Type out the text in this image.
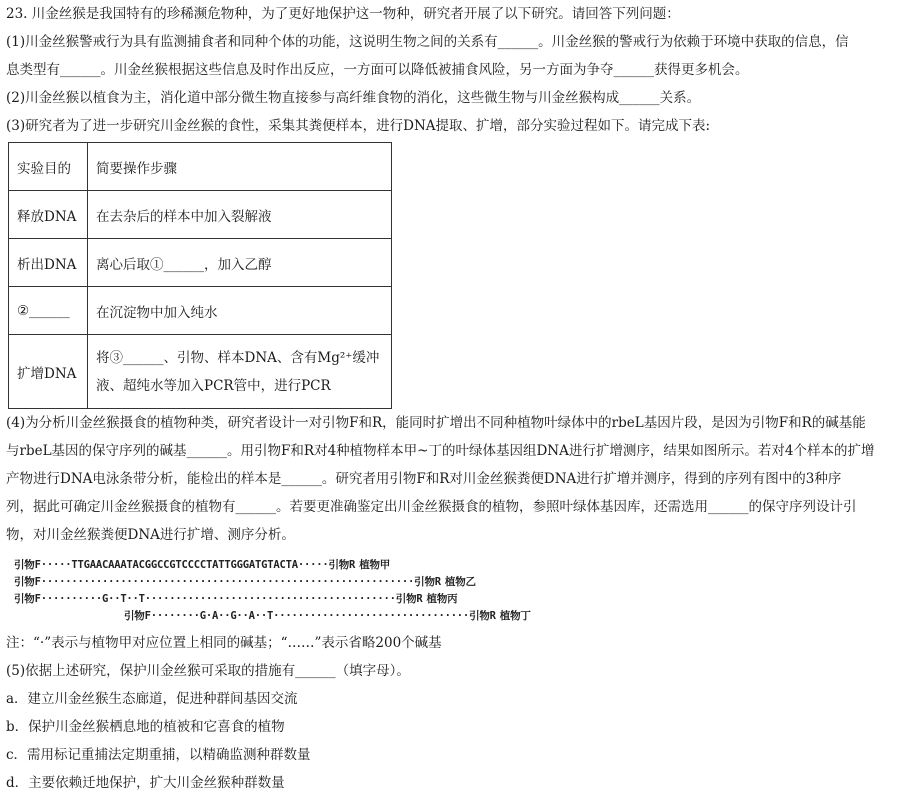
23. 川金丝猴是我国特有的珍稀濒危物种，为了更好地保护这一物种，研究者开展了以下研究。请回答下列问题：
(1)川金丝猴警戒行为具有监测捕食者和同种个体的功能，这说明生物之间的关系有______。川金丝猴的警戒行为依赖于环境中获取的信息，信
息类型有______。川金丝猴根据这些信息及时作出反应，一方面可以降低被捕食风险，另一方面为争夺______获得更多机会。
(2)川金丝猴以植食为主，消化道中部分微生物直接参与高纤维食物的消化，这些微生物与川金丝猴构成______关系。
(3)研究者为了进一步研究川金丝猴的食性，采集其粪便样本，进行DNA提取、扩增，部分实验过程如下。请完成下表:
实验目的	简要操作步骤
释放DNA	在去杂后的样本中加入裂解液
析出DNA	离心后取①______，加入乙醇
②______	在沉淀物中加入纯水
扩增DNA	将③______、引物、样本DNA、含有Mg²⁺缓冲
液、超纯水等加入PCR管中，进行PCR
(4)为分析川金丝猴摄食的植物种类，研究者设计一对引物F和R，能同时扩增出不同种植物叶绿体中的rbeL基因片段，是因为引物F和R的碱基能
与rbeL基因的保守序列的碱基______。用引物F和R对4种植物样本甲~丁的叶绿体基因组DNA进行扩增测序，结果如图所示。若对4个样本的扩增
产物进行DNA电泳条带分析，能检出的样本是______。研究者用引物F和R对川金丝猴粪便DNA进行扩增并测序，得到的序列有图中的3种序
列，据此可确定川金丝猴摄食的植物有______。若要更准确鉴定出川金丝猴摄食的植物，参照叶绿体基因库，还需选用______的保守序列设计引
物，对川金丝猴粪便DNA进行扩增、测序分析。
引物F ·····TTGAACAAATACGGCCGTCCCCTATTGGGATGTACTA····· 引物R 植物甲
引物F ····························································· 引物R 植物乙
引物F ··········G··T··T········································· 引物R 植物丙
引物F ········G·A··G··A··T································ 引物R 植物丁
注：“·”表示与植物甲对应位置上相同的碱基；“……”表示省略200个碱基
(5)依据上述研究，保护川金丝猴可采取的措施有______（填字母）。
a．建立川金丝猴生态廊道，促进种群间基因交流
b．保护川金丝猴栖息地的植被和它喜食的植物
c．需用标记重捕法定期重捕，以精确监测种群数量
d．主要依赖迁地保护，扩大川金丝猴种群数量
